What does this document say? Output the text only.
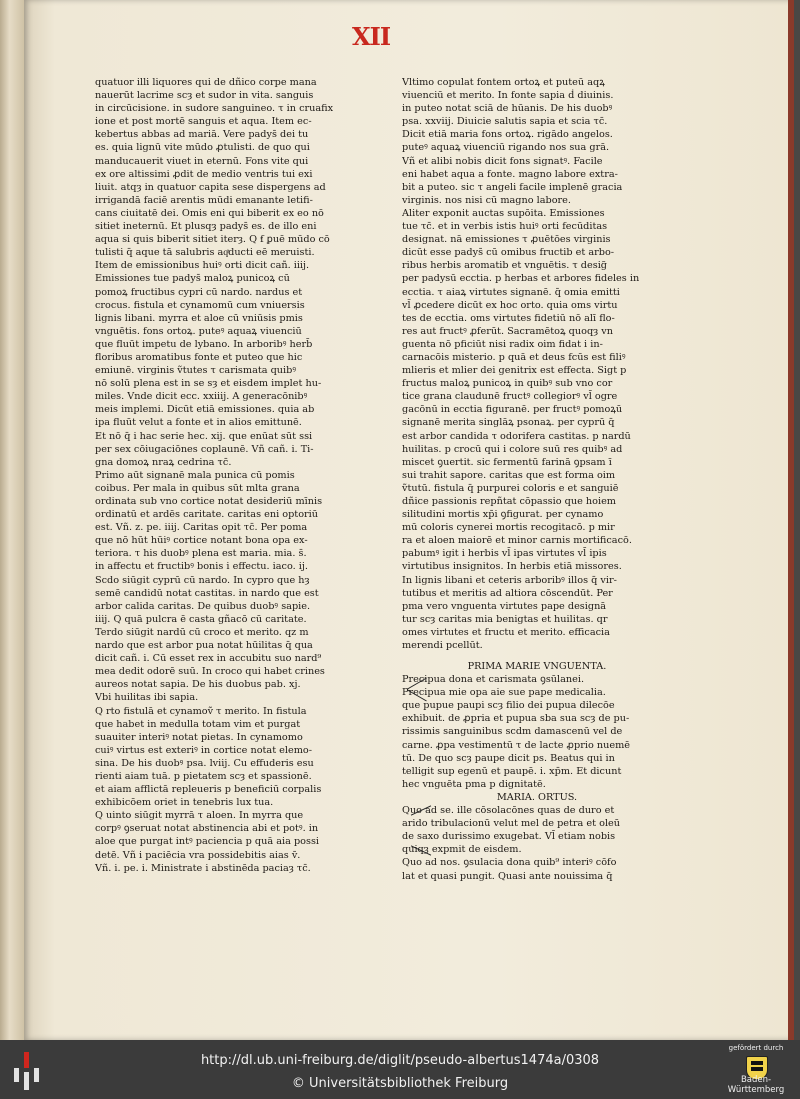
XII
quatuor illi liquores qui de dñico corpe mana
nauerūt lacrime scȝ et sudor in vita. sanguis
in circūcisione. in sudore sanguineo. τ in cruafix
ione et post mortē sanguis et aqua. Item ec-
kebertus abbas ad mariā. Vere padys̄ dei tu
es. quia lignū vite mūdo ꝓtulisti. de quo qui
manducauerit viuet in eternū. Fons vite qui
ex ore altissimi ꝓdit de medio ventris tui exi
liuit. atqȝ in quatuor capita sese dispergens ad
irrigandā faciē arentis mūdi emanante letifi-
cans ciuitatē dei. Omis eni qui biberit ex eo nō
sitiet ineternū. Et plusqȝ padys̄ es. de illo eni
aqua si quis biberit sitiet iterȝ. Q ẜ ꝑuē mūdo cō
tulisti q̄ aque tā salubris aqͣducti eē meruisti.
Item de emissionibus huiꝰ orti dicit cañ. iiij.
Emissiones tue padys̄ maloꝝ punicoꝝ cū
pomoꝝ fructibus cypri cū nardo. nardus et
crocus. fistula et cynamomū cum vniuersis
lignis libani. myrra et aloe cū vniūsis pmis
vnguētis. fons ortoꝝ. puteꝰ aquaꝝ viuenciū
que fluūt impetu de lybano. In arboribꝰ herb̄
floribus aromatibus fonte et puteo que hic
emiunē. virginis ṽtutes τ carismata quibꝰ
nō solū plena est in se sȝ et eisdem implet hu-
miles. Vnde dicit ecc. xxiiij. A generacōnibꝰ
meis implemi. Dicūt etiā emissiones. quia ab
ipa fluūt velut a fonte et in alios emittunē.
Et nō q̄ i hac serie hec. xij. que enūat sūt ssi̇
per sex cōiugaciōnes coplaunē. Vñ cañ. i. Ti-
gna domoꝝ nraꝝ cedrina τc̄.
Primo aūt signanē mala punica cū pomis
coibus. Per mala in quibus sūt mlta grana
ordinata sub vno cortice notat desideriū mīnis
ordinatū et ardēs caritate. caritas eni optoriū
est. Vñ. z. pe. iiij. Caritas opit τc̄. Per poma
que nō hūt hūiꝰ cortice notant bona opa ex-
teriora. τ his duobꝰ plena est maria. mia. s̄.
in affectu et fructibꝰ bonis i effectu. iaco. ij.
Scdo siūgit cyprū cū nardo. In cypro que hȝ
semē candidū notat castitas. in nardo que est
arbor calida caritas. De quibus duobꝰ sapie.
iiij. Q quā pulcra ē casta gñacō cū caritate.
Terdo siūgit nardū cū croco et merito. qz m
nardo que est arbor pua notat hūilitas q̄ qua
dicit cañ. i. Cū esset rex in accubitu suo nard⁹
mea dedit odorē suū. In croco qui habet crines
aureos notat sapia. De his duobus pab. xj.
Vbi huilitas ibi sapia.
Q rto fistulā et cynamoṽ τ merito. In fistula
que habet in medulla totam vim et purgat
suauiter interiꝰ notat pietas. In cynamomo
cuiꝰ virtus est exteriꝰ in cortice notat elemo-
sina. De his duobꝰ psa. lviij. Cu effuderis esu
rienti aiam tuā. p pietatem scȝ et spassionē.
et aiam afflictā repleueris p beneficiū corpalis
exhibicōem oriet in tenebris lux tua.
Q uinto siūgit myrrā τ aloen. In myrra que
corpꝰ ꝯseruat notat abstinencia abi et potꝰ. in
aloe que purgat intꝰ paciencia p quā aia possi
detē. Vñ i paciēcia vra possidebitis aias v̄.
Vñ. i. pe. i. Ministrate i abstinēda paciaȝ τc̄.
Vltimo copulat fontem ortoꝝ et puteū aqꝝ
viuenciū et merito. In fonte sapia ḋ diuinis.
in puteo notat sciā de hūanis. De his duobꝰ
psa. xxviij. Diuicie salutis sapia et scia τc̄.
Dicit etiā maria fons ortoꝝ. rigādo angelos.
puteꝰ aquaꝝ viuenciū rigando nos sua grā.
Vñ et alibi nobis dicit fons signatꝰ. Facile
eni habet aqua a fonte. magno labore extra-
bit a puteo. sic τ angeli facile implenē gracia
virginis. nos nisi cū magno labore.
Aliter exponit auctas supōita. Emissiones
tue τc̄. et in verbis istis huiꝰ orti fecūditas
designat. nā emissiones τ ꝓuētōes virginis
dicūt esse padys̄ cū omibus fructib et arbo-
ribus herbis aromatib et vnguētis. τ desig̃
per padysū ecctia. p herbas et arbores fideles in
ecctia. τ aiaꝝ virtutes signanē. q̄ omia emitti
vl̄ ꝓcedere dicūt ex hoc orto. quia oms virtu
tes de ecctia. oms virtutes fidetiū nō alī flo-
res aut fructꝰ ꝓferūt. Sacramētoꝝ quoqȝ vn
guenta nō pficiūt nisi radix oim fidat i in-
carnacōis misterio. p quā et deus fcūs est filiꝰ
mlieris et mlier dei genitrix est effecta. Sigt p
fructus maloꝝ punicoꝝ in quibꝰ sub vno cor
tice grana claudunē fructꝰ collegiorꝰ vl̄ ogre
gacōnū in ecctia figuranē. per fructꝰ pomoꝝū
signanē merita singlāꝝ psonaꝝ. per cyprū q̄
est arbor candida τ odorifera castitas. p nardū
huilitas. p crocū qui i colore suū res quibꝰ ad
miscet ꝯuertit. sic fermentū farinā ꝯpsam ī
sui trahit sapore. caritas que est forma oim
ṽtutū. fistula q̄ purpurei coloris e et sanguiē
dñice passionis repñtat cōpassio que hoiem
silitudini mortis xp̄i ꝯfigurat. per cynamo
mū coloris cynerei mortis recogitacō. p mir
ra et aloen maiorē et minor carnis mortificacō.
pabumꝰ igit i herbis vl̄ ipas virtutes vl̄ ipis
virtutibus insignitos. In herbis etiā missores.
In lignis libani et ceteris arboribꝰ illos q̄ vir-
tutibus et meritis ad altiora cōscendūt. Per
pma vero vnguenta virtutes pape designā
tur scȝ caritas mia benigtas et huilitas. qr
omes virtutes et fructu et merito. efficacia
merendi pcellūt.
PRIMA MARIE VNGUENTA.
Precipua dona et carismata ꝯsūlanei.
Precipua mie opa aie sue pape medicalia.
que pupue paupi scȝ filio dei pupua dilecōe
exhibuit. de ꝓpria et pupua sba sua scȝ de pu-
rissimis sanguinibus scdm damascenū vel de
carne. ꝓpa vestimentū τ de lacte ꝓprio nuemē
tū. De quo scȝ paupe dicit ps. Beatus qui in
telligit sup egenū et paupē. i. xp̄m. Et dicunt
hec vnguēta pma p dignitatē.
MARIA. ORTUS.
Quo ad se. ille cōsolacōnes quas de duro et
arido tribulacionū velut mel de petra et oleū
de saxo durissimo exugebat. Vl̄ etiam nobis
quiqȝ expmit de eisdem.
Quo ad nos. ꝯsulacia dona quib⁹ interiꝰ cōfo
lat et quasi pungit. Quasi ante nouissima q̄
http://dl.ub.uni-freiburg.de/diglit/pseudo-albertus1474a/0308
© Universitätsbibliothek Freiburg
gefördert durch
Baden-Württemberg
